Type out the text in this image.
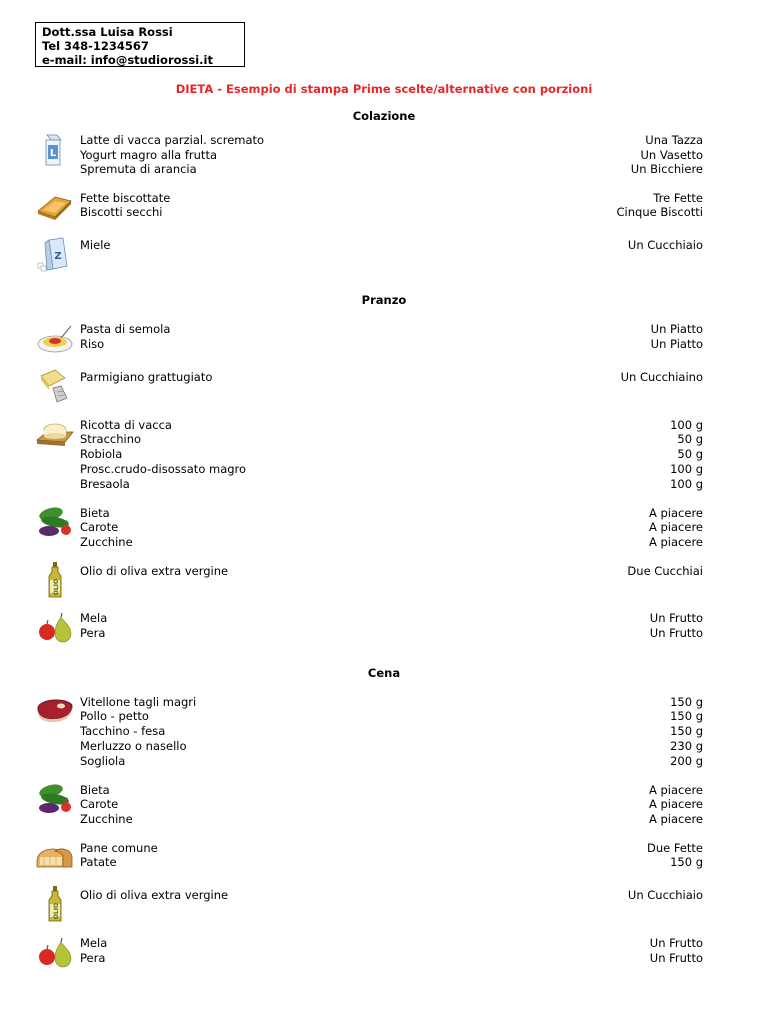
Dott.ssa Luisa Rossi
Tel 348-1234567
e-mail: info@studiorossi.it
DIETA - Esempio di stampa Prime scelte/alternative con porzioni
Colazione
L
Latte di vacca parzial. scremato	Una Tazza
Yogurt magro alla frutta	Un Vasetto
Spremuta di arancia	Un Bicchiere
Fette biscottate	Tre Fette
Biscotti secchi	Cinque Biscotti
Z
Miele	Un Cucchiaio
Pranzo
Pasta di semola	Un Piatto
Riso	Un Piatto
Parmigiano grattugiato	Un Cucchiaino
Ricotta di vacca	100 g
Stracchino	50 g
Robiola	50 g
Prosc.crudo-disossato magro	100 g
Bresaola	100 g
Bieta	A piacere
Carote	A piacere
Zucchine	A piacere
OLIO
Olio di oliva extra vergine	Due Cucchiai
Mela	Un Frutto
Pera	Un Frutto
Cena
Vitellone tagli magri	150 g
Pollo - petto	150 g
Tacchino - fesa	150 g
Merluzzo o nasello	230 g
Sogliola	200 g
Bieta	A piacere
Carote	A piacere
Zucchine	A piacere
Pane comune	Due Fette
Patate	150 g
OLIO
Olio di oliva extra vergine	Un Cucchiaio
Mela	Un Frutto
Pera	Un Frutto
